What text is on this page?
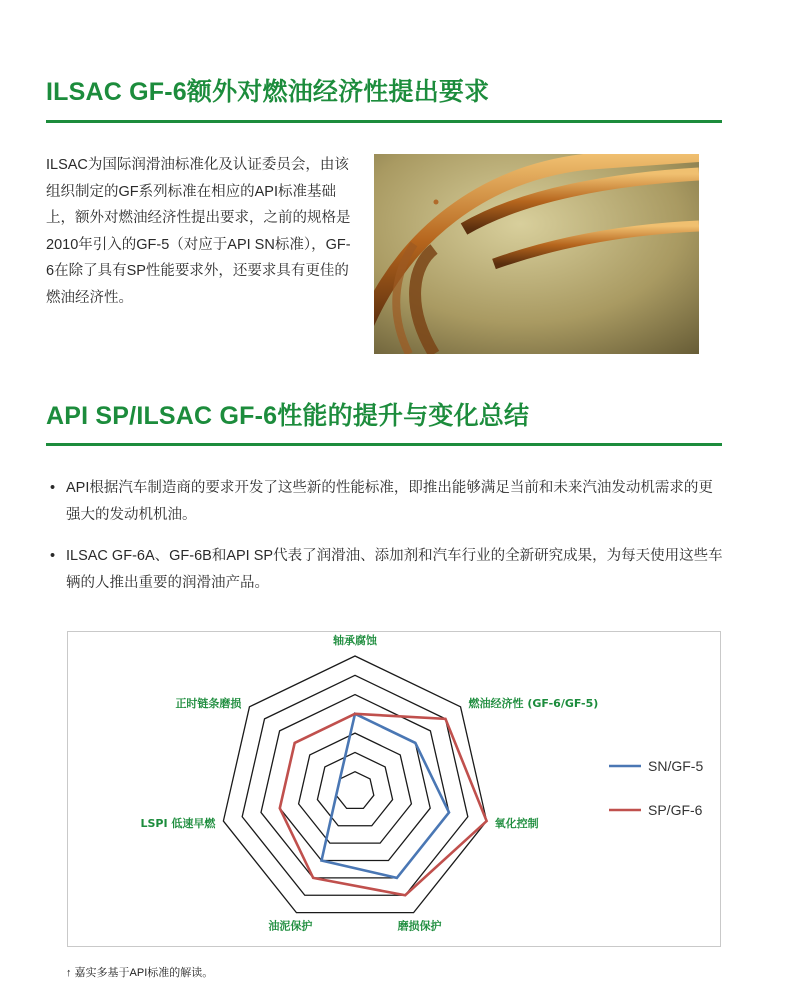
ILSAC GF-6额外对燃油经济性提出要求

ILSAC为国际润滑油标准化及认证委员会，由该组织制定的GF系列标准在相应的API标准基础上，额外对燃油经济性提出要求，之前的规格是2010年引入的GF-5（对应于API SN标准），GF-6在除了具有SP性能要求外，还要求具有更佳的燃油经济性。

API SP/ILSAC GF-6性能的提升与变化总结
• API根据汽车制造商的要求开发了这些新的性能标准，即推出能够满足当前和未来汽油发动机需求的更强大的发动机机油。
• ILSAC GF-6A、GF-6B和API SP代表了润滑油、添加剂和汽车行业的全新研究成果，为每天使用这些车辆的人推出重要的润滑油产品。
轴承腐蚀
燃油经济性 (GF-6/GF-5)
氧化控制
磨损保护
油泥保护
LSPI 低速早燃
正时链条磨损
SN/GF-5
SP/GF-6

↑ 嘉实多基于API标准的解读。
